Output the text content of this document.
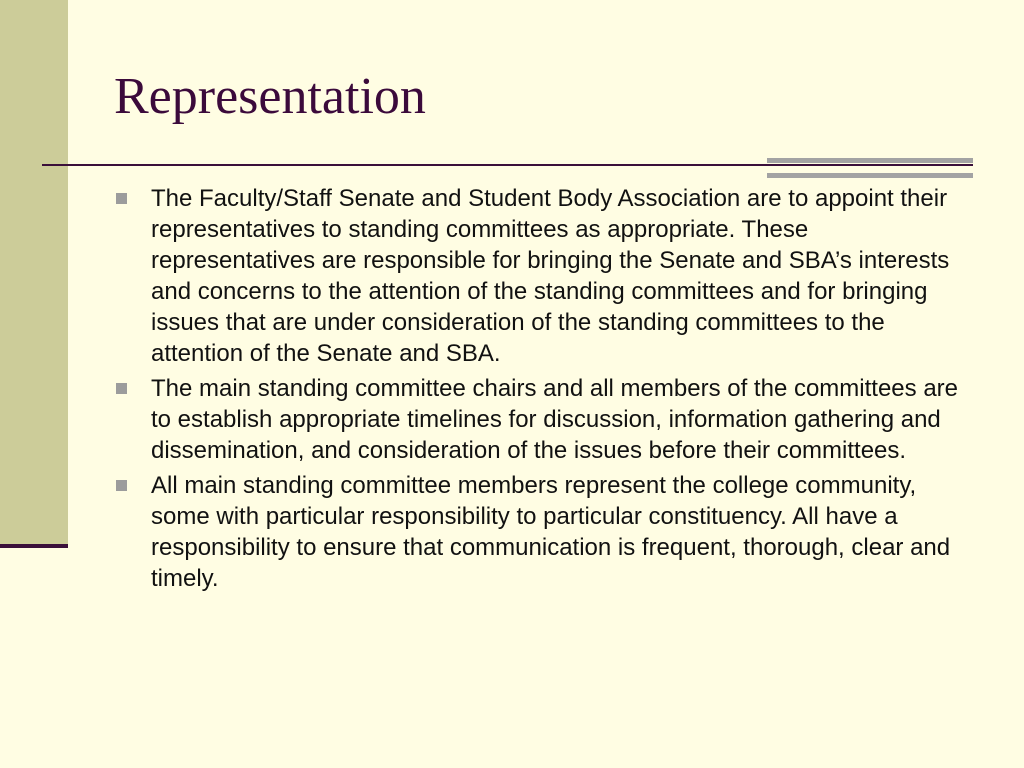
Representation
The Faculty/Staff Senate and Student Body Association are to appoint their representatives to standing committees as appropriate. These representatives are responsible for bringing the Senate and SBA’s interests and concerns to the attention of the standing committees and for bringing issues that are under consideration of the standing committees to the attention of the Senate and SBA.
The main standing committee chairs and all members of the committees are to establish appropriate timelines for discussion, information gathering and dissemination, and consideration of the issues before their committees.
All main standing committee members represent the college community, some with particular responsibility to particular constituency. All have a responsibility to ensure that communication is frequent, thorough, clear and timely.
